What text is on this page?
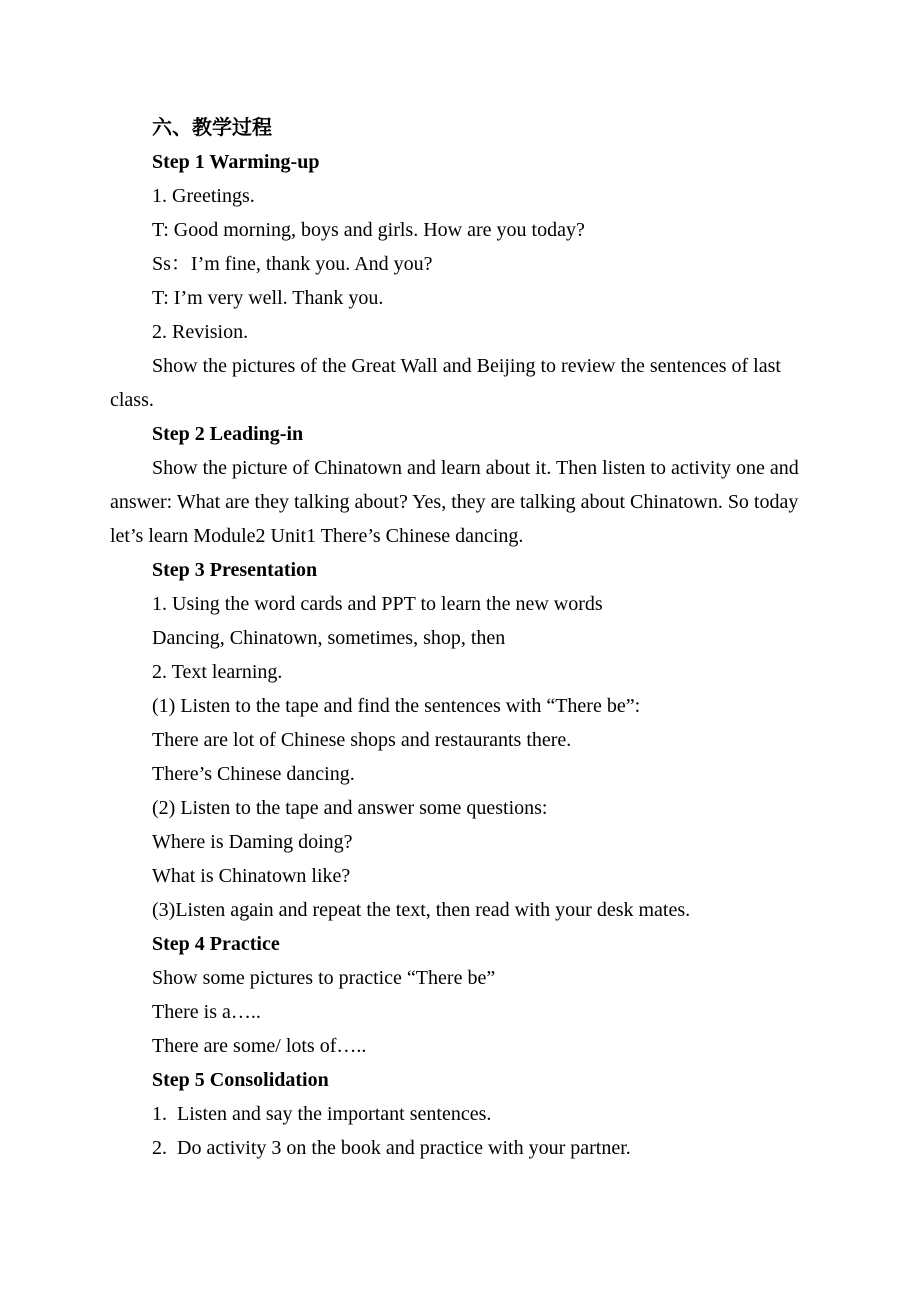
六、教学过程

Step 1 Warming-up

1. Greetings.

T: Good morning, boys and girls. How are you today?

Ss：I’m fine, thank you. And you?

T: I’m very well. Thank you.

2. Revision.

Show the pictures of the Great Wall and Beijing to review the sentences of last class.

Step 2 Leading-in

Show the picture of Chinatown and learn about it. Then listen to activity one and answer: What are they talking about? Yes, they are talking about Chinatown. So today let’s learn Module2 Unit1 There’s Chinese dancing.

Step 3 Presentation

1. Using the word cards and PPT to learn the new words

Dancing, Chinatown, sometimes, shop, then

2. Text learning.

(1) Listen to the tape and find the sentences with “There be”:

There are lot of Chinese shops and restaurants there.

There’s Chinese dancing.

(2) Listen to the tape and answer some questions:

Where is Daming doing?

What is Chinatown like?

(3)Listen again and repeat the text, then read with your desk mates.

Step 4 Practice

Show some pictures to practice “There be”

There is a…..

There are some/ lots of…..

Step 5 Consolidation

1.  Listen and say the important sentences.

2.  Do activity 3 on the book and practice with your partner.
